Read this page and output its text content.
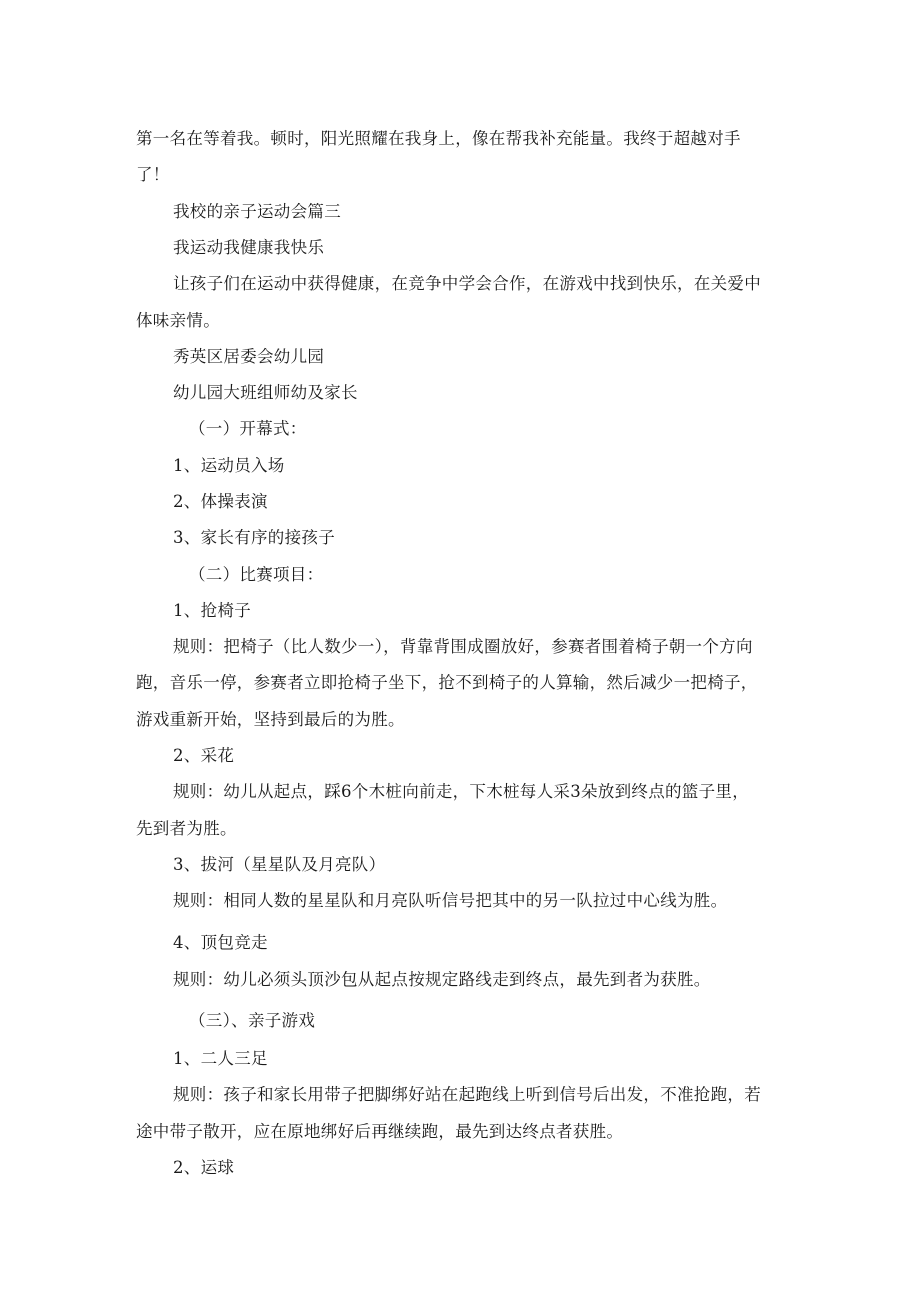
第一名在等着我。顿时，阳光照耀在我身上，像在帮我补充能量。我终于超越对手
了！
我校的亲子运动会篇三
我运动我健康我快乐
让孩子们在运动中获得健康，在竞争中学会合作，在游戏中找到快乐，在关爱中
体味亲情。
秀英区居委会幼儿园
幼儿园大班组师幼及家长
（一）开幕式：
1、运动员入场
2、体操表演
3、家长有序的接孩子
（二）比赛项目：
1、抢椅子
规则：把椅子（比人数少一），背靠背围成圈放好，参赛者围着椅子朝一个方向
跑，音乐一停，参赛者立即抢椅子坐下，抢不到椅子的人算输，然后减少一把椅子，
游戏重新开始，坚持到最后的为胜。
2、采花
规则：幼儿从起点，踩6个木桩向前走，下木桩每人采3朵放到终点的篮子里，
先到者为胜。
3、拔河（星星队及月亮队）
规则：相同人数的星星队和月亮队听信号把其中的另一队拉过中心线为胜。
4、顶包竞走
规则：幼儿必须头顶沙包从起点按规定路线走到终点，最先到者为获胜。
（三）、亲子游戏
1、二人三足
规则：孩子和家长用带子把脚绑好站在起跑线上听到信号后出发，不准抢跑，若
途中带子散开，应在原地绑好后再继续跑，最先到达终点者获胜。
2、运球
